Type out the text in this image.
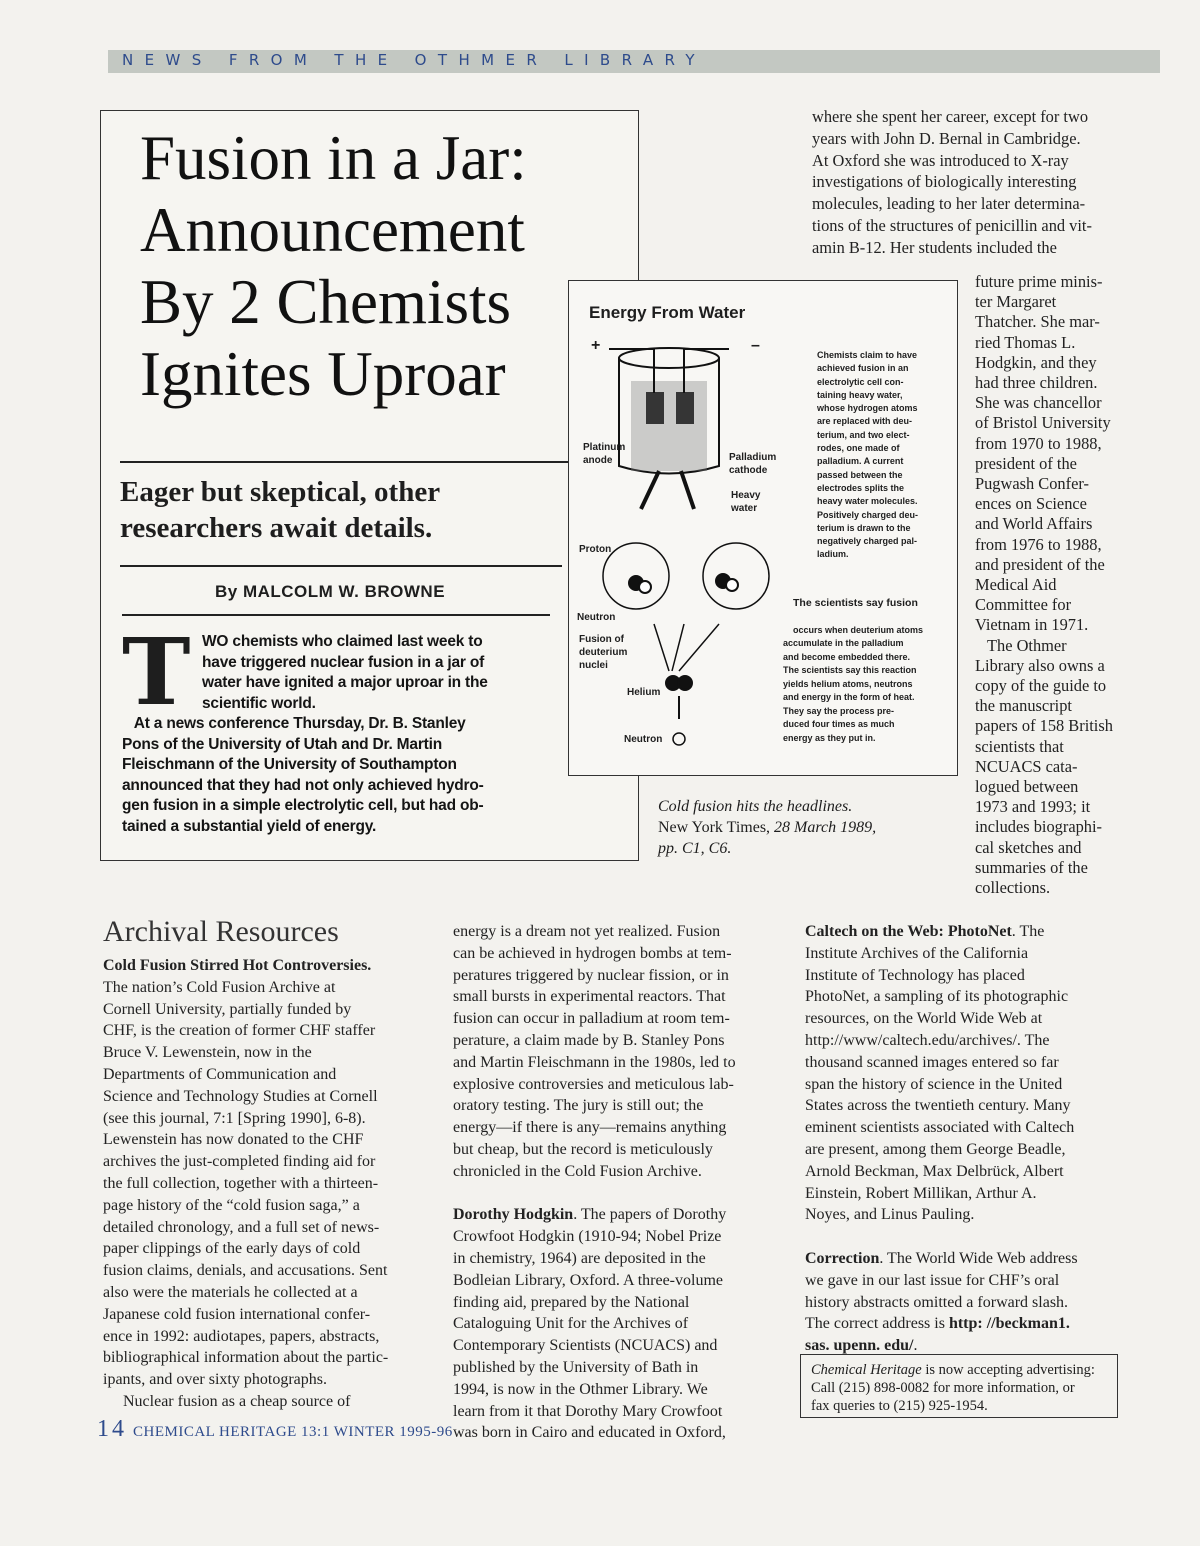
NEWS FROM THE OTHMER LIBRARY
Fusion in a Jar:
Announcement
By 2 Chemists
Ignites Uproar
Eager but skeptical, other
researchers await details.
By MALCOLM W. BROWNE
T WO chemists who claimed last week to
have triggered nuclear fusion in a jar of
water have ignited a major uproar in the
scientific world.
At a news conference Thursday, Dr. B. Stanley
Pons of the University of Utah and Dr. Martin
Fleischmann of the University of Southampton
announced that they had not only achieved hydro-
gen fusion in a simple electrolytic cell, but had ob-
tained a substantial yield of energy.
Energy From Water
+	–
Platinum
anode	Palladium
cathode
Heavy
water
Proton
Neutron
Fusion of
deuterium
nuclei
Helium
Neutron
Chemists claim to have
achieved fusion in an
electrolytic cell con-
taining heavy water,
whose hydrogen atoms
are replaced with deu-
terium, and two elect-
rodes, one made of
palladium. A current
passed between the
electrodes splits the
heavy water molecules.
Positively charged deu-
terium is drawn to the
negatively charged pal-
ladium.

The scientists say fusion

occurs when deuterium atoms
accumulate in the palladium
and become embedded there.
The scientists say this reaction
yields helium atoms, neutrons
and energy in the form of heat.
They say the process pre-
duced four times as much
energy as they put in.

Cold fusion hits the headlines.
New York Times, 28 March 1989,
pp. C1, C6.
where she spent her career, except for two
years with John D. Bernal in Cambridge.
At Oxford she was introduced to X-ray
investigations of biologically interesting
molecules, leading to her later determina-
tions of the structures of penicillin and vit-
amin B-12. Her students included the
future prime minis-
ter Margaret
Thatcher. She mar-
ried Thomas L.
Hodgkin, and they
had three children.
She was chancellor
of Bristol University
from 1970 to 1988,
president of the
Pugwash Confer-
ences on Science
and World Affairs
from 1976 to 1988,
and president of the
Medical Aid
Committee for
Vietnam in 1971.
The Othmer
Library also owns a
copy of the guide to
the manuscript
papers of 158 British
scientists that
NCUACS cata-
logued between
1973 and 1993; it
includes biographi-
cal sketches and
summaries of the
collections.
Archival Resources
Cold Fusion Stirred Hot Controversies.
The nation’s Cold Fusion Archive at
Cornell University, partially funded by
CHF, is the creation of former CHF staffer
Bruce V. Lewenstein, now in the
Departments of Communication and
Science and Technology Studies at Cornell
(see this journal, 7:1 [Spring 1990], 6-8).
Lewenstein has now donated to the CHF
archives the just-completed finding aid for
the full collection, together with a thirteen-
page history of the “cold fusion saga,” a
detailed chronology, and a full set of news-
paper clippings of the early days of cold
fusion claims, denials, and accusations. Sent
also were the materials he collected at a
Japanese cold fusion international confer-
ence in 1992: audiotapes, papers, abstracts,
bibliographical information about the partic-
ipants, and over sixty photographs.
Nuclear fusion as a cheap source of
energy is a dream not yet realized. Fusion
can be achieved in hydrogen bombs at tem-
peratures triggered by nuclear fission, or in
small bursts in experimental reactors. That
fusion can occur in palladium at room tem-
perature, a claim made by B. Stanley Pons
and Martin Fleischmann in the 1980s, led to
explosive controversies and meticulous lab-
oratory testing. The jury is still out; the
energy—if there is any—remains anything
but cheap, but the record is meticulously
chronicled in the Cold Fusion Archive.

Dorothy Hodgkin. The papers of Dorothy
Crowfoot Hodgkin (1910-94; Nobel Prize
in chemistry, 1964) are deposited in the
Bodleian Library, Oxford. A three-volume
finding aid, prepared by the National
Cataloguing Unit for the Archives of
Contemporary Scientists (NCUACS) and
published by the University of Bath in
1994, is now in the Othmer Library. We
learn from it that Dorothy Mary Crowfoot
was born in Cairo and educated in Oxford,
Caltech on the Web: PhotoNet. The
Institute Archives of the California
Institute of Technology has placed
PhotoNet, a sampling of its photographic
resources, on the World Wide Web at
http://www/caltech.edu/archives/. The
thousand scanned images entered so far
span the history of science in the United
States across the twentieth century. Many
eminent scientists associated with Caltech
are present, among them George Beadle,
Arnold Beckman, Max Delbrück, Albert
Einstein, Robert Millikan, Arthur A.
Noyes, and Linus Pauling.

Correction. The World Wide Web address
we gave in our last issue for CHF’s oral
history abstracts omitted a forward slash.
The correct address is http: //beckman1.
sas. upenn. edu/.
Chemical Heritage is now accepting advertising:
Call (215) 898-0082 for more information, or
fax queries to (215) 925-1954.
14 CHEMICAL HERITAGE 13:1 WINTER 1995-96
